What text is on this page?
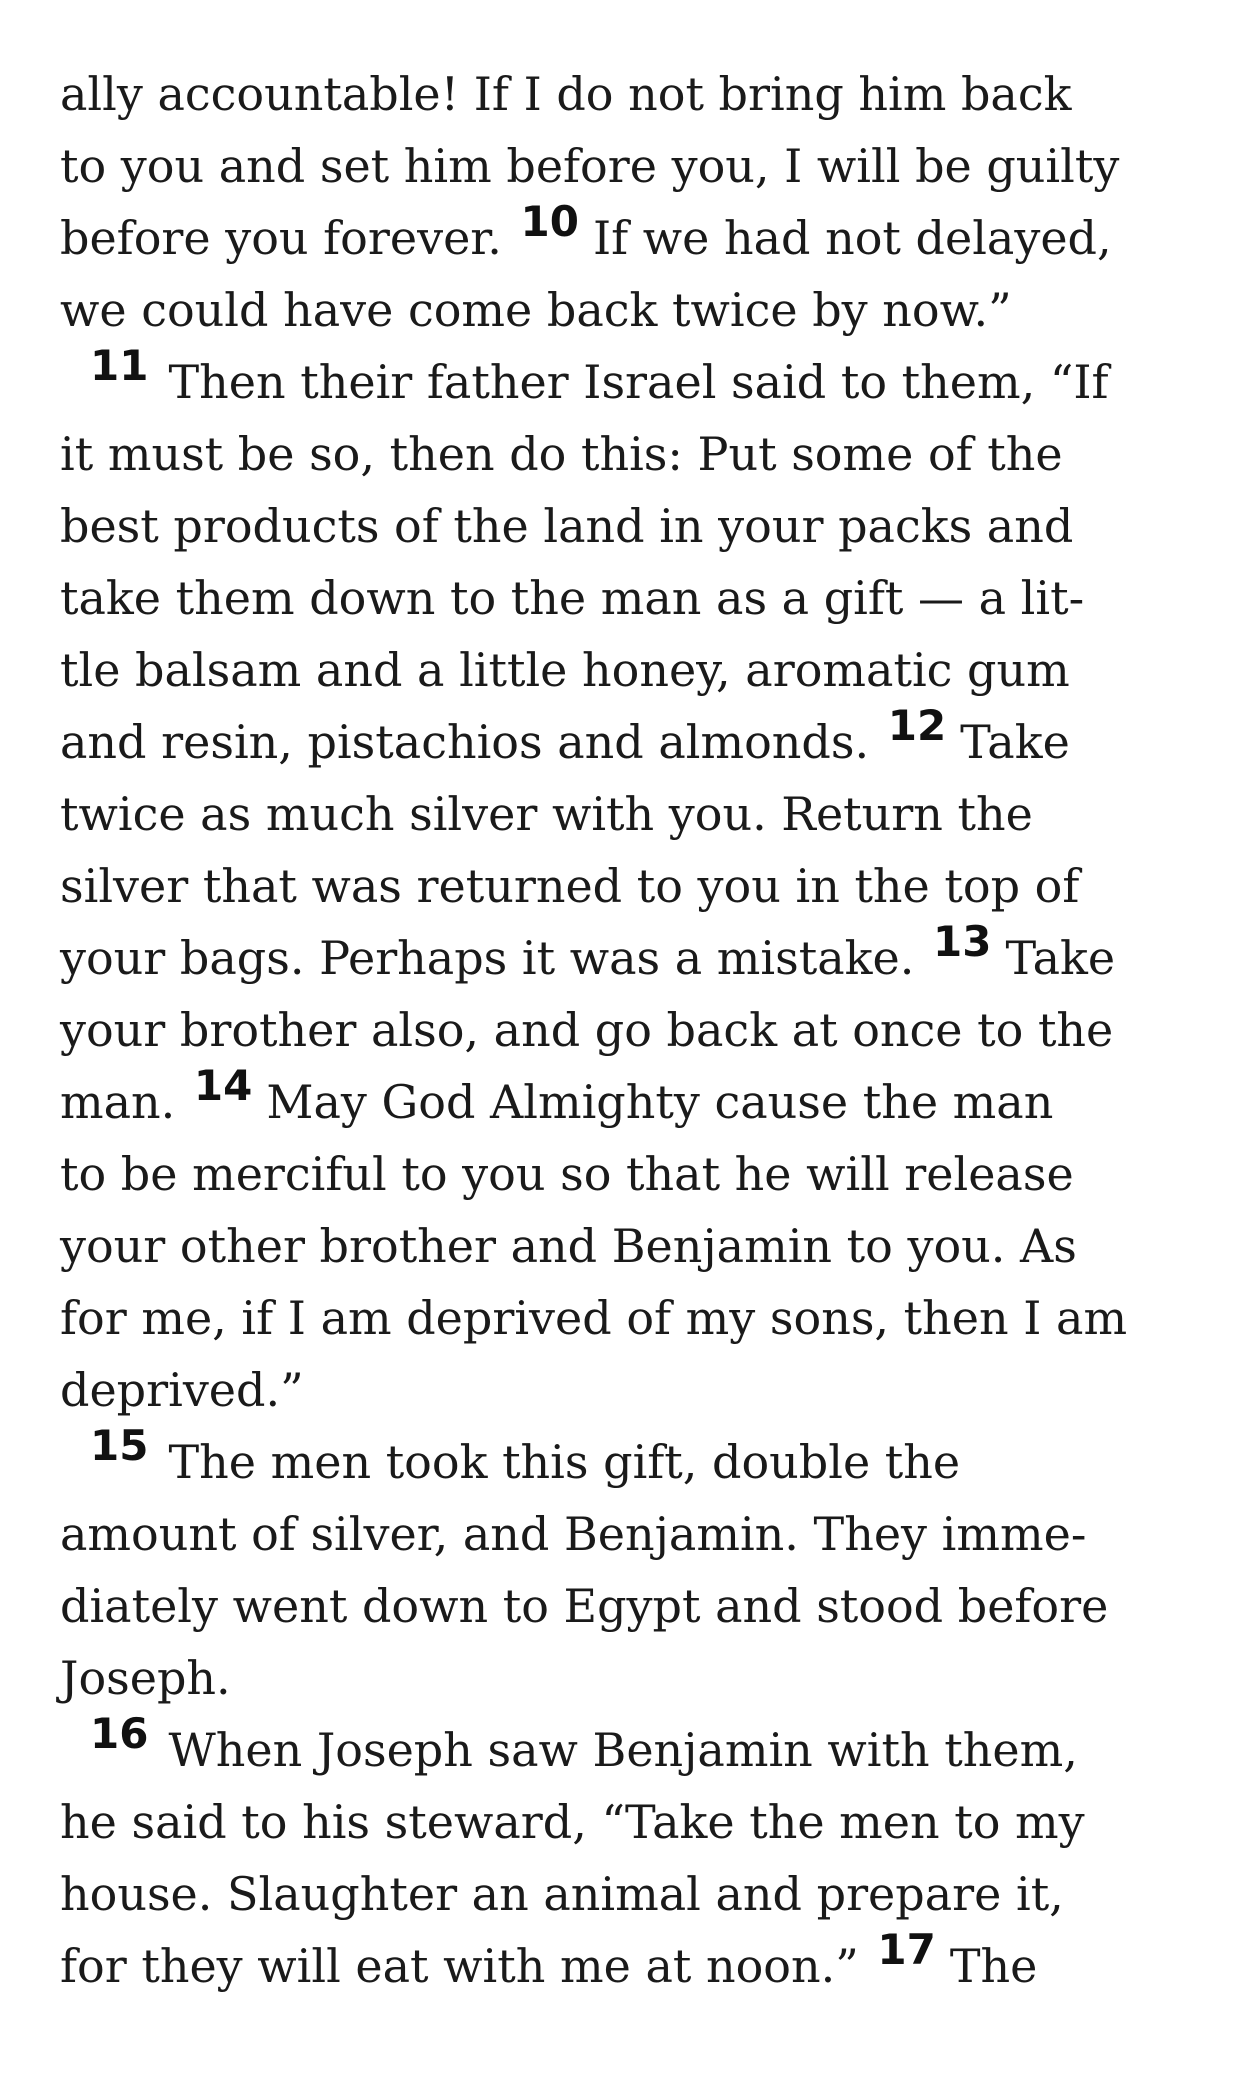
ally accountable! If I do not bring him back
to you and set him before you, I will be guilty
before you forever. 10 If we had not delayed,
we could have come back twice by now.”
11 Then their father Israel said to them, “If
it must be so, then do this: Put some of the
best products of the land in your packs and
take them down to the man as a gift — a lit-
tle balsam and a little honey, aromatic gum
and resin, pistachios and almonds. 12 Take
twice as much silver with you. Return the
silver that was returned to you in the top of
your bags. Perhaps it was a mistake. 13 Take
your brother also, and go back at once to the
man. 14 May God Almighty cause the man
to be merciful to you so that he will release
your other brother and Benjamin to you. As
for me, if I am deprived of my sons, then I am
deprived.”
15 The men took this gift, double the
amount of silver, and Benjamin. They imme-
diately went down to Egypt and stood before
Joseph.
16 When Joseph saw Benjamin with them,
he said to his steward, “Take the men to my
house. Slaughter an animal and prepare it,
for they will eat with me at noon.” 17 The
